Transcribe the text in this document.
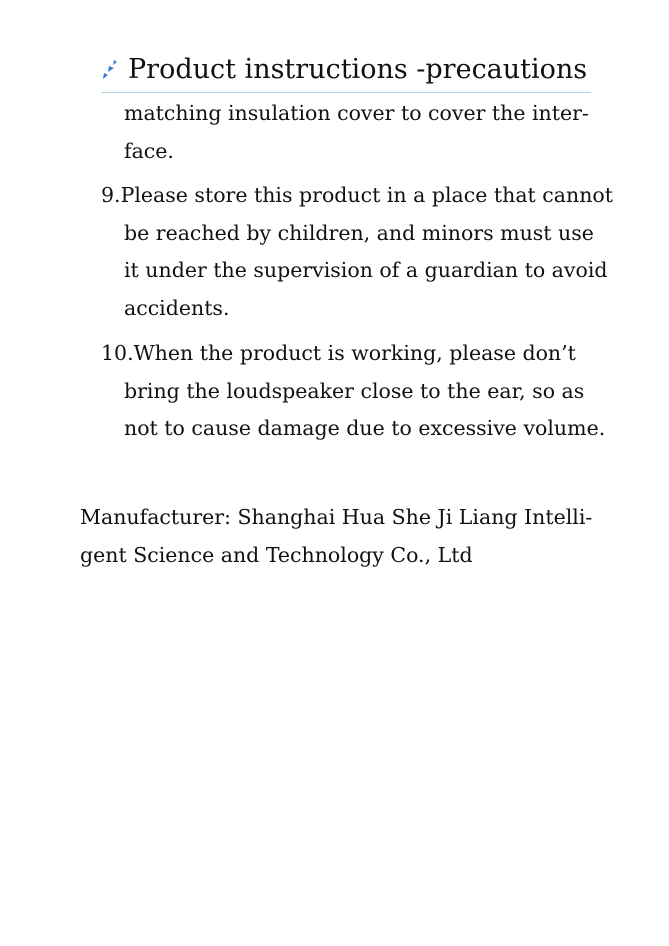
Product instructions -precautions

matching insulation cover to cover the inter-
face.

9.Please store this product in a place that cannot
be reached by children, and minors must use
it under the supervision of a guardian to avoid
accidents.

10.When the product is working, please don’t
bring the loudspeaker close to the ear, so as
not to cause damage due to excessive volume.

Manufacturer: Shanghai Hua She Ji Liang Intelli-
gent Science and Technology Co., Ltd
